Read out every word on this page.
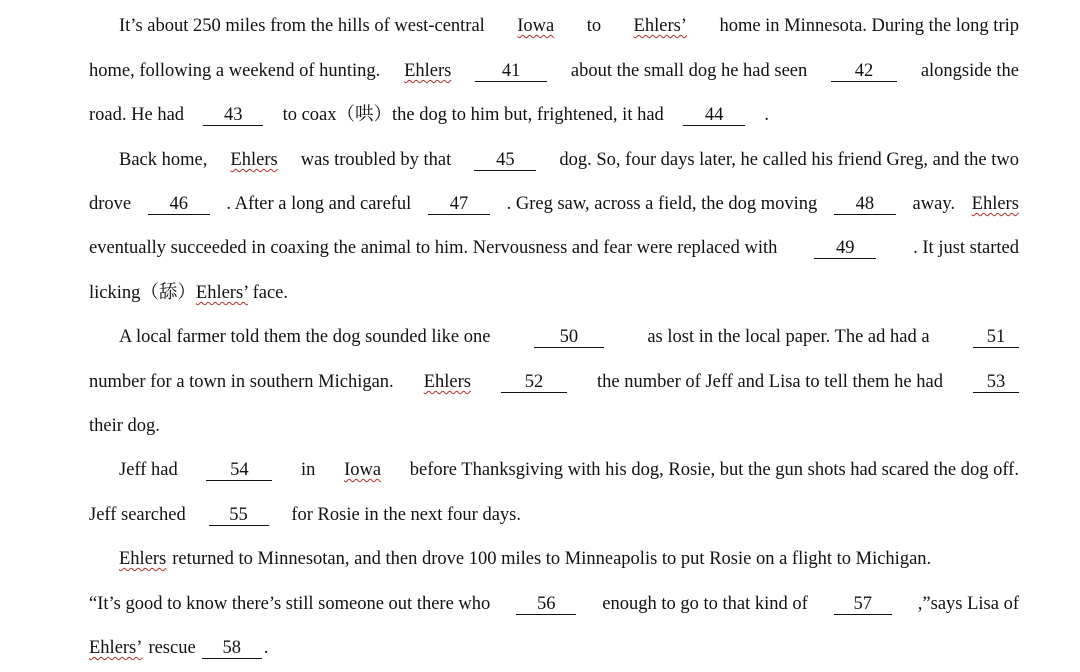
It’s about 250 miles from the hills of west-central Iowa to Ehlers’ home in Minnesota. During the long trip
home, following a weekend of hunting. Ehlers	41	about the small dog he had seen	42	alongside the
road. He had	43	to coax（哄）the dog to him but, frightened, it had	44	.
Back home, Ehlers was troubled by that	45	dog. So, four days later, he called his friend Greg, and the two
drove	46	. After a long and careful	47	. Greg saw, across a field, the dog moving	48	away. Ehlers
eventually succeeded in coaxing the animal to him. Nervousness and fear were replaced with	49	. It just started
licking（舔）Ehlers’ face.
A local farmer told them the dog sounded like one	50	as lost in the local paper. The ad had a	51
number for a town in southern Michigan. Ehlers	52	the number of Jeff and Lisa to tell them he had	53
their dog.
Jeff had	54	in Iowa before Thanksgiving with his dog, Rosie, but the gun shots had scared the dog off.
Jeff searched	55	for Rosie in the next four days.
Ehlers returned to Minnesotan, and then drove 100 miles to Minneapolis to put Rosie on a flight to Michigan.
“It’s good to know there’s still someone out there who	56	enough to go to that kind of	57	,”says Lisa of
Ehlers’ rescue	58	.
